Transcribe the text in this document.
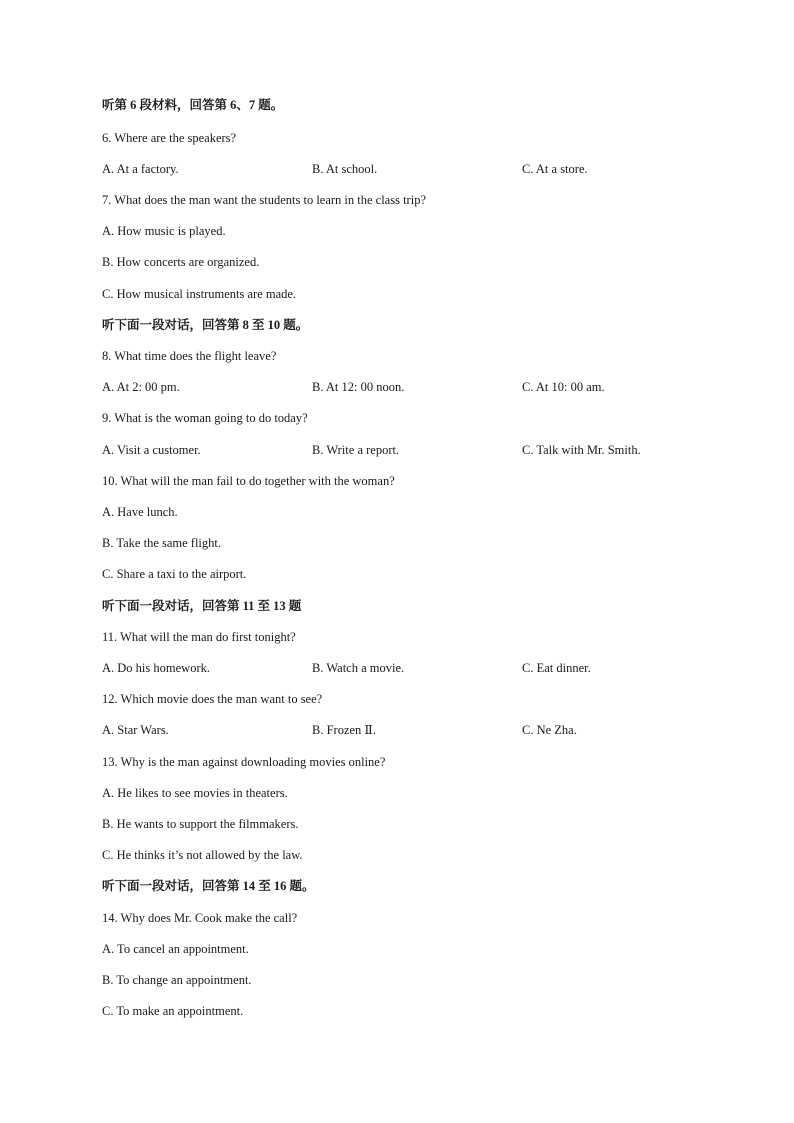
听第 6 段材料，回答第 6、7 题。
6. Where are the speakers?
A. At a factory.	B. At school.	C. At a store.
7. What does the man want the students to learn in the class trip?
A. How music is played.
B. How concerts are organized.
C. How musical instruments are made.
听下面一段对话，回答第 8 至 10 题。
8. What time does the flight leave?
A. At 2: 00 pm.	B. At 12: 00 noon.	C. At 10: 00 am.
9. What is the woman going to do today?
A. Visit a customer.	B. Write a report.	C. Talk with Mr. Smith.
10. What will the man fail to do together with the woman?
A. Have lunch.
B. Take the same flight.
C. Share a taxi to the airport.
听下面一段对话，回答第 11 至 13 题
11. What will the man do first tonight?
A. Do his homework.	B. Watch a movie.	C. Eat dinner.
12. Which movie does the man want to see?
A. Star Wars.	B. Frozen Ⅱ.	C. Ne Zha.
13. Why is the man against downloading movies online?
A. He likes to see movies in theaters.
B. He wants to support the filmmakers.
C. He thinks it’s not allowed by the law.
听下面一段对话，回答第 14 至 16 题。
14. Why does Mr. Cook make the call?
A. To cancel an appointment.
B. To change an appointment.
C. To make an appointment.
